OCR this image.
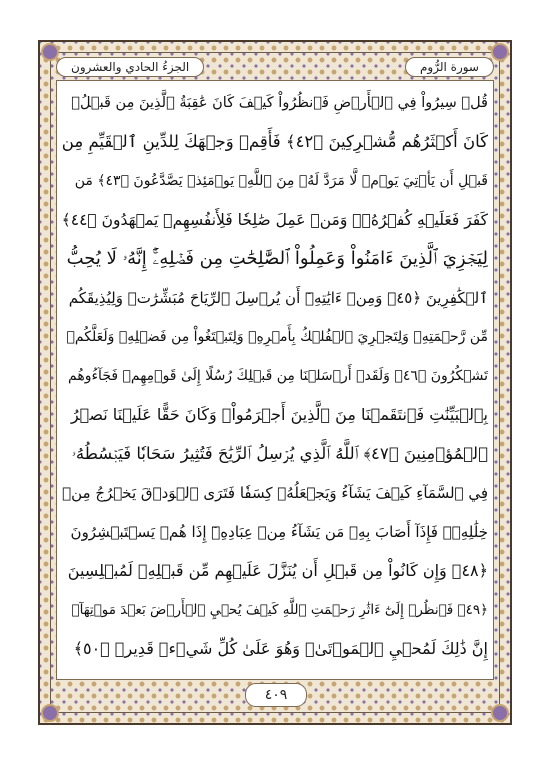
سورة الرُّوم
الجزءُ الحادي والعشرون
قُلۡ سِيرُواْ فِي ٱلۡأَرۡضِ فَٱنظُرُواْ كَيۡفَ كَانَ عَٰقِبَةُ ٱلَّذِينَ مِن قَبۡلُۚ
كَانَ أَكۡثَرُهُم مُّشۡرِكِينَ ﴿٤٢﴾ فَأَقِمۡ وَجۡهَكَ لِلدِّينِ ٱلۡقَيِّمِ مِن
قَبۡلِ أَن يَأۡتِيَ يَوۡمٞ لَّا مَرَدَّ لَهُۥ مِنَ ٱللَّهِۖ يَوۡمَئِذٖ يَصَّدَّعُونَ ﴿٤٣﴾ مَن
كَفَرَ فَعَلَيۡهِ كُفۡرُهُۥۖ وَمَنۡ عَمِلَ صَٰلِحٗا فَلِأَنفُسِهِمۡ يَمۡهَدُونَ ﴿٤٤﴾
لِيَجۡزِيَ ٱلَّذِينَ ءَامَنُواْ وَعَمِلُواْ ٱلصَّٰلِحَٰتِ مِن فَضۡلِهِۦٓۚ إِنَّهُۥ لَا يُحِبُّ
ٱلۡكَٰفِرِينَ ﴿٤٥﴾ وَمِنۡ ءَايَٰتِهِۦٓ أَن يُرۡسِلَ ٱلرِّيَاحَ مُبَشِّرَٰتٖ وَلِيُذِيقَكُم
مِّن رَّحۡمَتِهِۦ وَلِتَجۡرِيَ ٱلۡفُلۡكُ بِأَمۡرِهِۦ وَلِتَبۡتَغُواْ مِن فَضۡلِهِۦ وَلَعَلَّكُمۡ
تَشۡكُرُونَ ﴿٤٦﴾ وَلَقَدۡ أَرۡسَلۡنَا مِن قَبۡلِكَ رُسُلًا إِلَىٰ قَوۡمِهِمۡ فَجَآءُوهُم
بِٱلۡبَيِّنَٰتِ فَٱنتَقَمۡنَا مِنَ ٱلَّذِينَ أَجۡرَمُواْۖ وَكَانَ حَقًّا عَلَيۡنَا نَصۡرُ
ٱلۡمُؤۡمِنِينَ ﴿٤٧﴾ ٱللَّهُ ٱلَّذِي يُرۡسِلُ ٱلرِّيَٰحَ فَتُثِيرُ سَحَابٗا فَيَبۡسُطُهُۥ
فِي ٱلسَّمَآءِ كَيۡفَ يَشَآءُ وَيَجۡعَلُهُۥ كِسَفٗا فَتَرَى ٱلۡوَدۡقَ يَخۡرُجُ مِنۡ
خِلَٰلِهِۦۖ فَإِذَآ أَصَابَ بِهِۦ مَن يَشَآءُ مِنۡ عِبَادِهِۦٓ إِذَا هُمۡ يَسۡتَبۡشِرُونَ
﴿٤٨﴾ وَإِن كَانُواْ مِن قَبۡلِ أَن يُنَزَّلَ عَلَيۡهِم مِّن قَبۡلِهِۦ لَمُبۡلِسِينَ
﴿٤٩﴾ فَٱنظُرۡ إِلَىٰٓ ءَاثَٰرِ رَحۡمَتِ ٱللَّهِ كَيۡفَ يُحۡيِ ٱلۡأَرۡضَ بَعۡدَ مَوۡتِهَآۚ
إِنَّ ذَٰلِكَ لَمُحۡيِ ٱلۡمَوۡتَىٰۖ وَهُوَ عَلَىٰ كُلِّ شَيۡءٖ قَدِيرٞ ﴿٥٠﴾
٤٠٩
